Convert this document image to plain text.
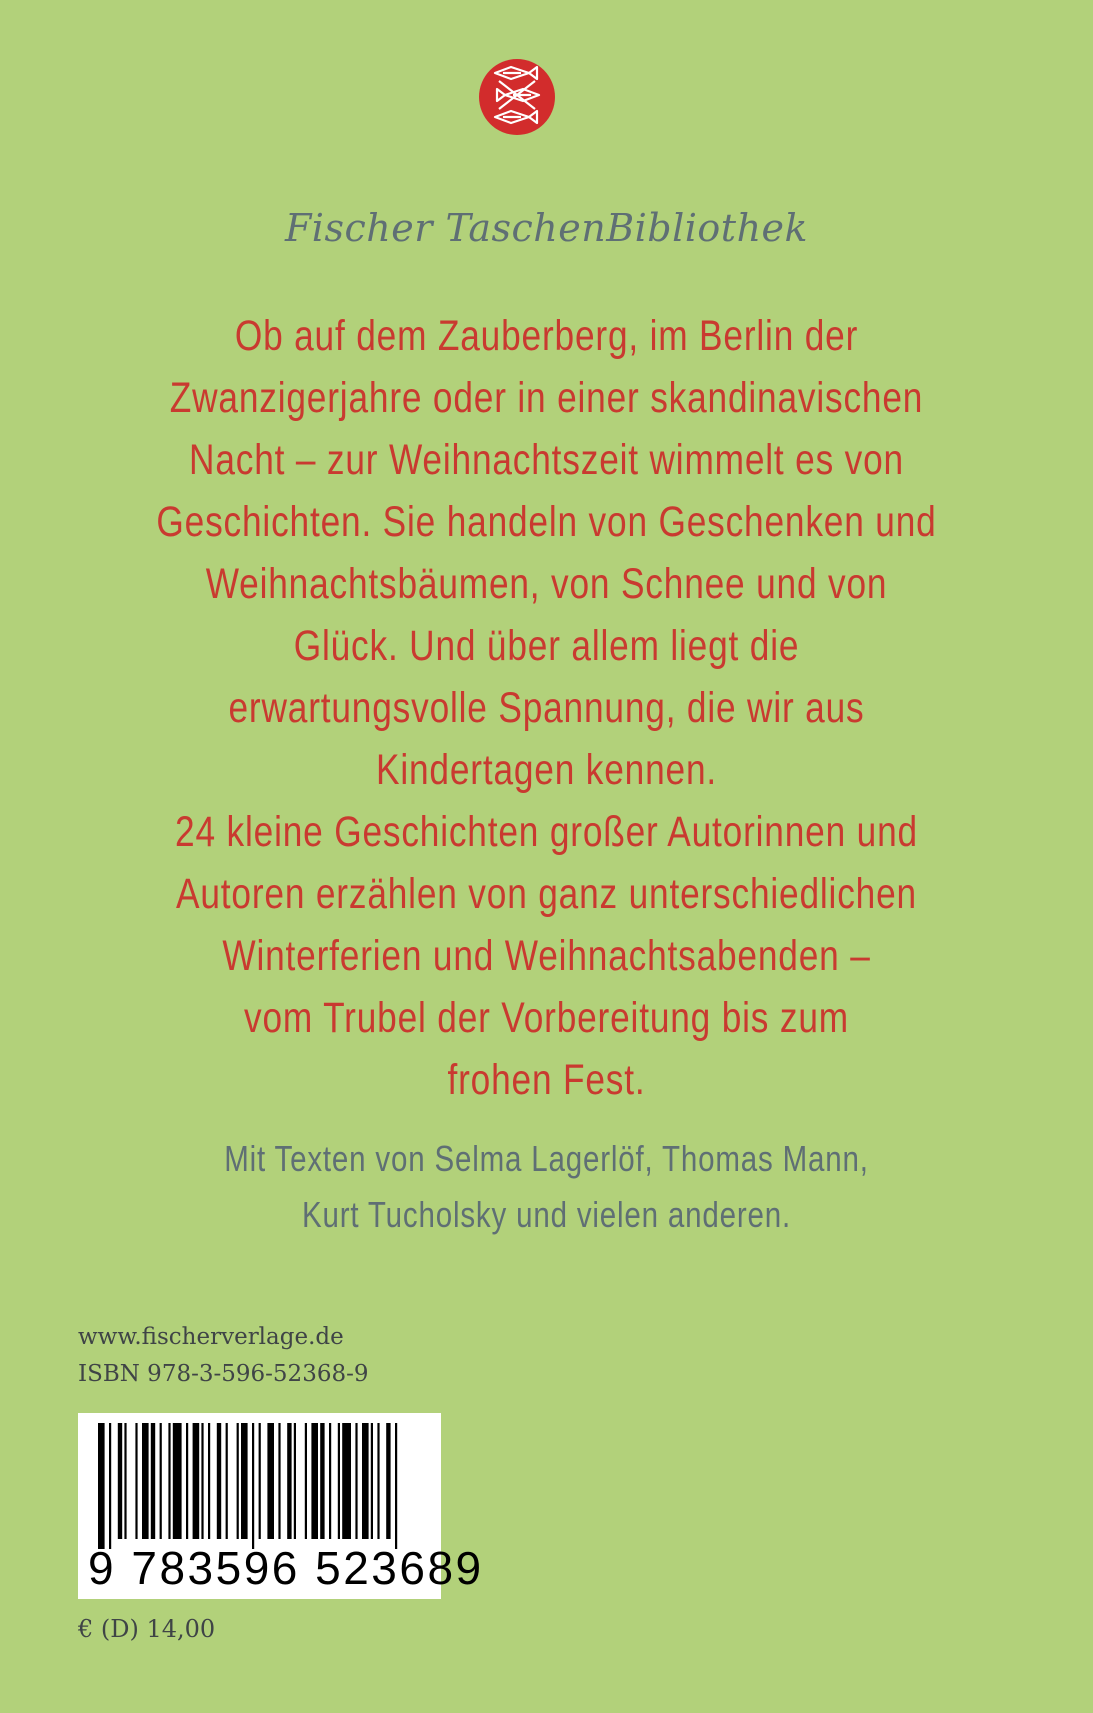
Fischer TaschenBibliothek

Ob auf dem Zauberberg, im Berlin der
Zwanzigerjahre oder in einer skandinavischen
Nacht – zur Weihnachtszeit wimmelt es von
Geschichten. Sie handeln von Geschenken und
Weihnachtsbäumen, von Schnee und von
Glück. Und über allem liegt die
erwartungsvolle Spannung, die wir aus
Kindertagen kennen.
24 kleine Geschichten großer Autorinnen und
Autoren erzählen von ganz unterschiedlichen
Winterferien und Weihnachtsabenden –
vom Trubel der Vorbereitung bis zum
frohen Fest.

Mit Texten von Selma Lagerlöf, Thomas Mann,
Kurt Tucholsky und vielen anderen.

www.fischerverlage.de
ISBN 978-3-596-52368-9
9 783596 523689
€ (D) 14,00
